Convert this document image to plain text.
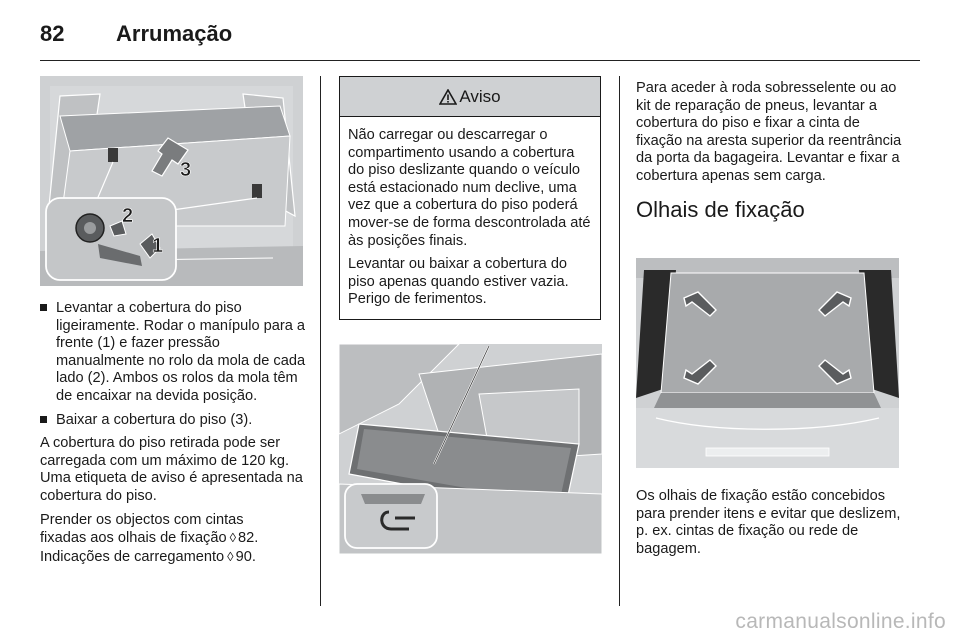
82	Arrumação
3
2
1
Levantar a cobertura do piso ligeiramente. Rodar o manípulo para a frente (1) e fazer pressão manualmente no rolo da mola de cada lado (2). Ambos os rolos da mola têm de encaixar na devida posição.
Baixar a cobertura do piso (3).

A cobertura do piso retirada pode ser carregada com um máximo de 120 kg. Uma etiqueta de aviso é apresentada na cobertura do piso.

Prender os objectos com cintas
fixadas aos olhais de fixação ◊ 82.
Indicações de carregamento ◊ 90.

Aviso

Não carregar ou descarregar o compartimento usando a cobertura do piso deslizante quando o veículo está estacionado num declive, uma vez que a cobertura do piso poderá mover-se de forma descontrolada até às posições finais.

Levantar ou baixar a cobertura do piso apenas quando estiver vazia. Perigo de ferimentos.

Para aceder à roda sobresselente ou ao kit de reparação de pneus, levantar a cobertura do piso e fixar a cinta de fixação na aresta superior da reentrância da porta da bagageira. Levantar e fixar a cobertura apenas sem carga.

Olhais de fixação

Os olhais de fixação estão concebidos para prender itens e evitar que deslizem, p. ex. cintas de fixação ou rede de bagagem.

carmanualsonline.info
